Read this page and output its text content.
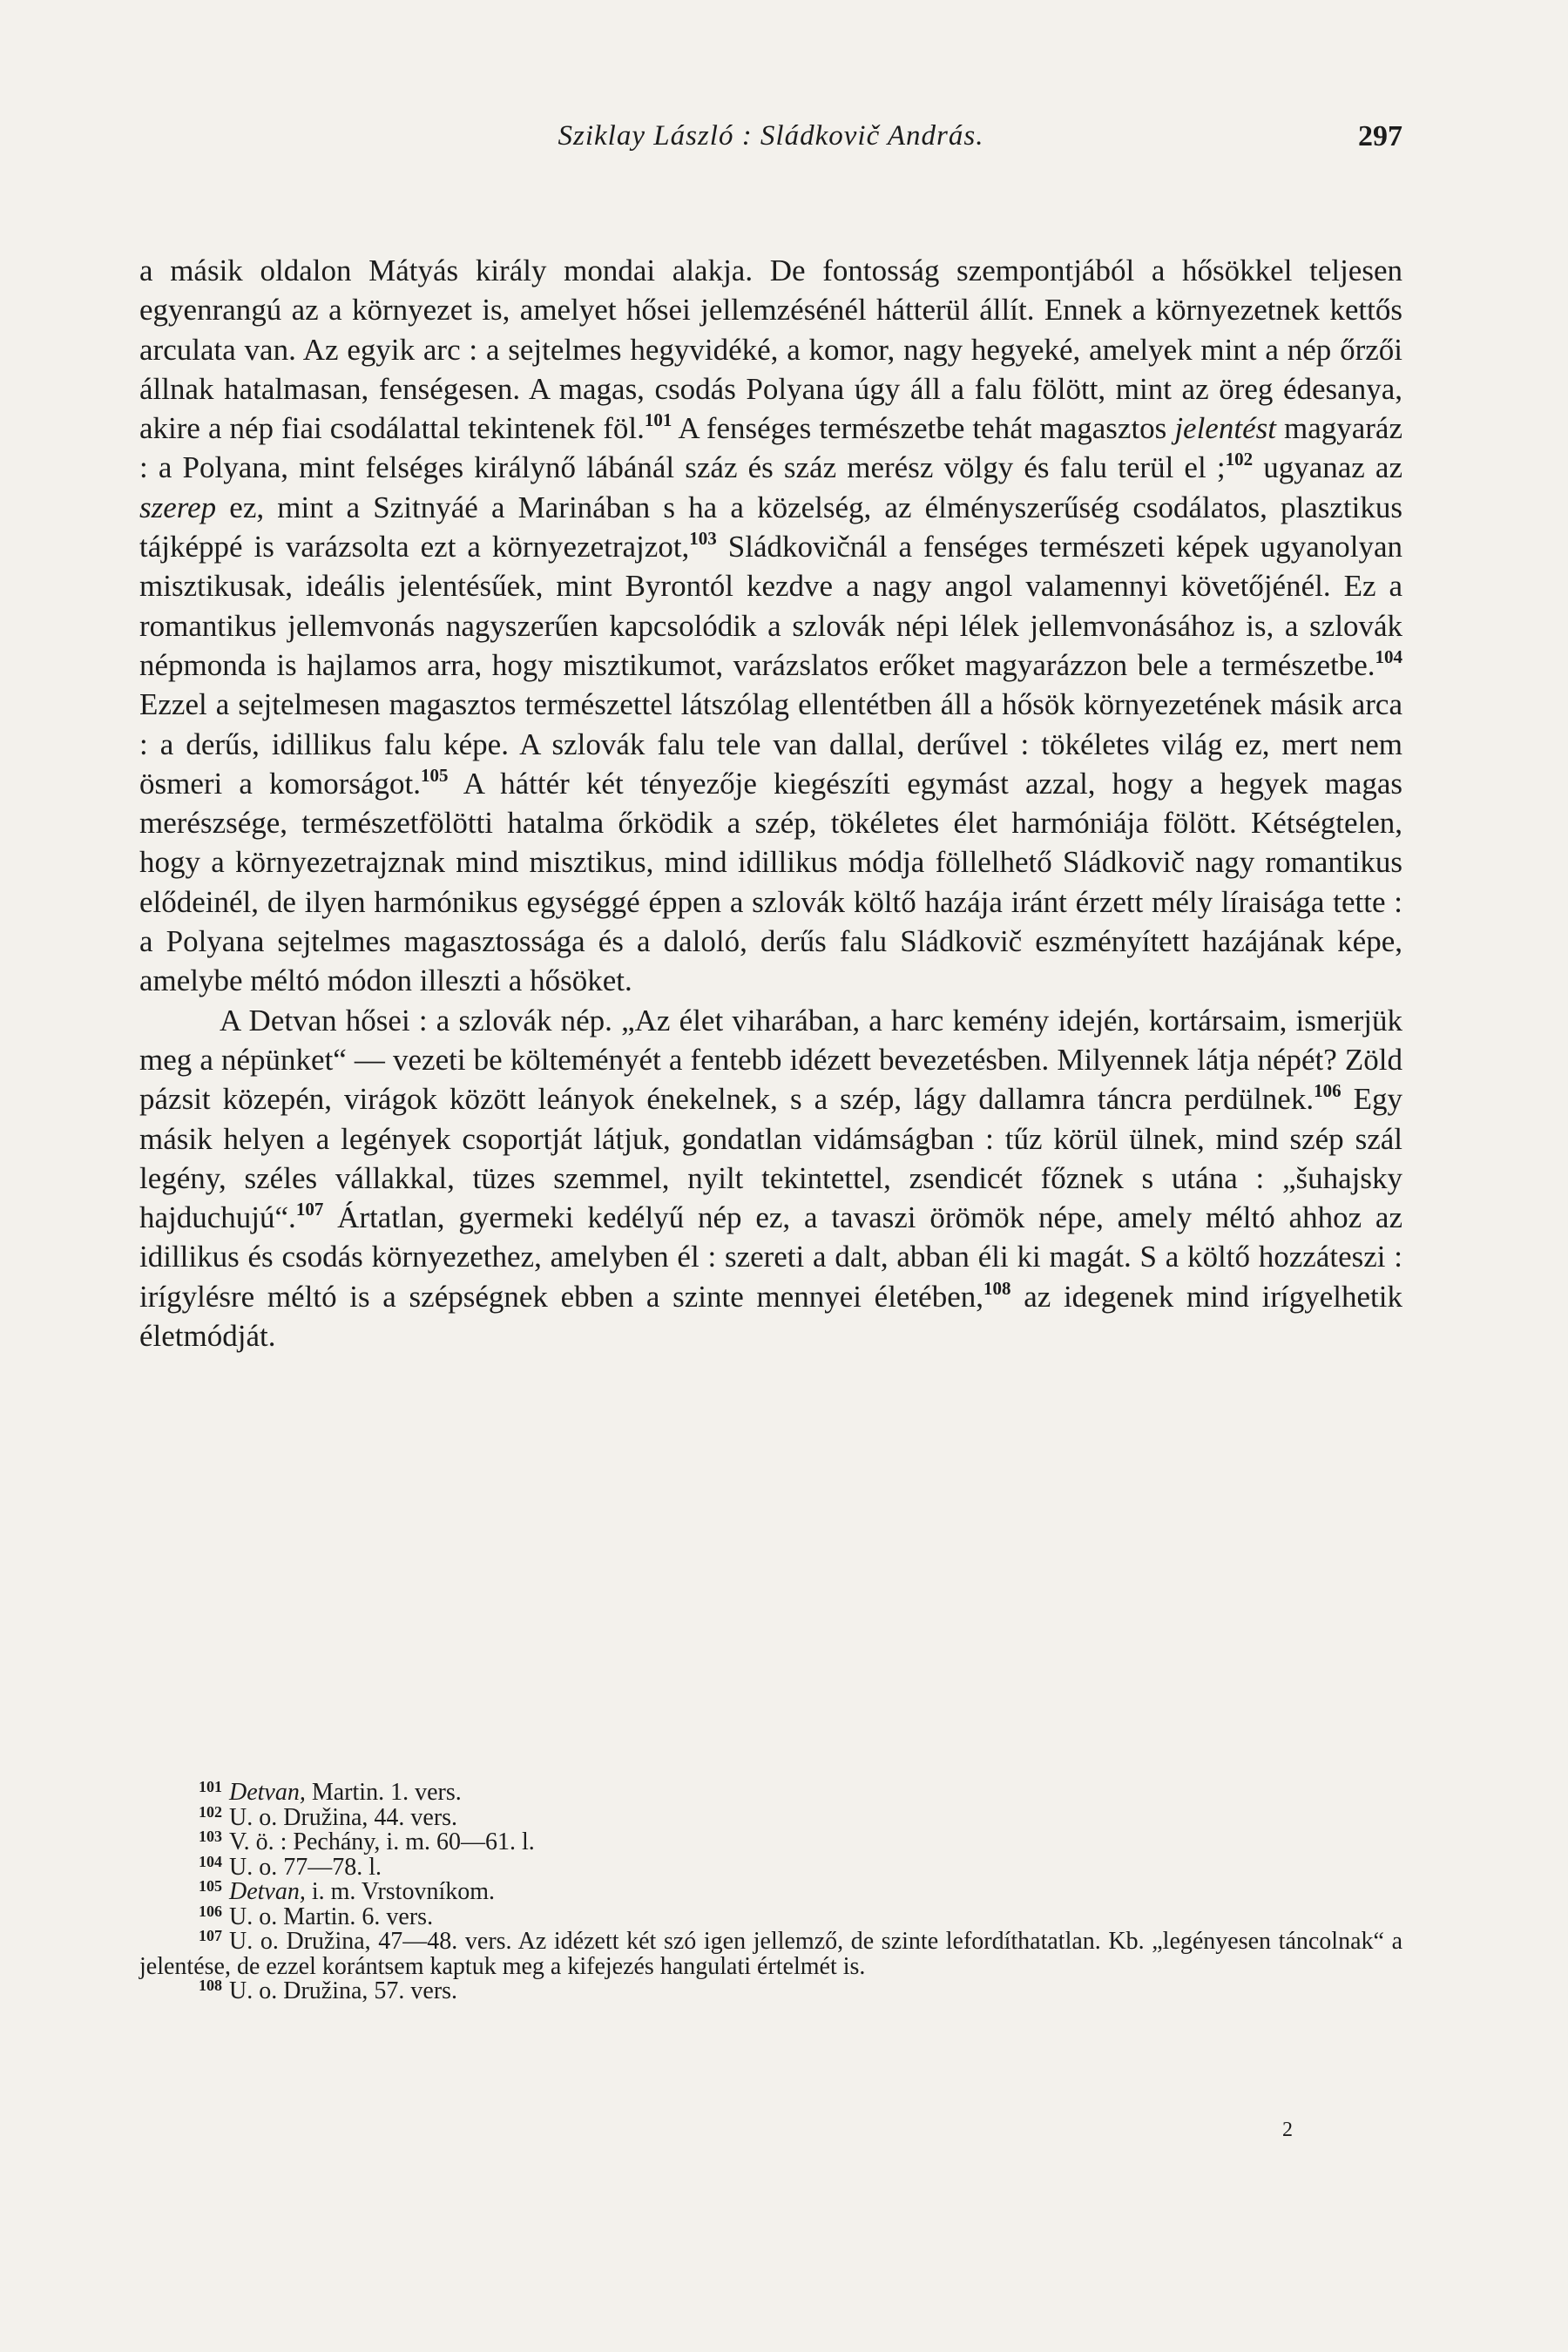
Sziklay László : Sládkovič András.	297

a másik oldalon Mátyás király mondai alakja. De fontosság szempontjából a hősökkel teljesen egyenrangú az a környezet is, amelyet hősei jellemzésénél hátterül állít. Ennek a környezetnek kettős arculata van. Az egyik arc : a sejtelmes hegyvidéké, a komor, nagy hegyeké, amelyek mint a nép őrzői állnak hatalmasan, fenségesen. A magas, csodás Polyana úgy áll a falu fölött, mint az öreg édesanya, akire a nép fiai csodálattal tekintenek föl.$^{101}$ A fenséges természetbe tehát magasztos jelentést magyaráz : a Polyana, mint felséges királynő lábánál száz és száz merész völgy és falu terül el ;$^{102}$ ugyanaz az szerep ez, mint a Szitnyáé a Marinában s ha a közelség, az élményszerűség csodálatos, plasztikus tájképpé is varázsolta ezt a környezetrajzot,$^{103}$ Sládkovičnál a fenséges természeti képek ugyanolyan misztikusak, ideális jelentésűek, mint Byrontól kezdve a nagy angol valamennyi követőjénél. Ez a romantikus jellemvonás nagyszerűen kapcsolódik a szlovák népi lélek jellemvonásához is, a szlovák népmonda is hajlamos arra, hogy misztikumot, varázslatos erőket magyarázzon bele a természetbe.$^{104}$ Ezzel a sejtelmesen magasztos természettel látszólag ellentétben áll a hősök környezetének másik arca : a derűs, idillikus falu képe. A szlovák falu tele van dallal, derűvel : tökéletes világ ez, mert nem ösmeri a komorságot.$^{105}$ A háttér két tényezője kiegészíti egymást azzal, hogy a hegyek magas merészsége, természetfölötti hatalma őrködik a szép, tökéletes élet harmóniája fölött. Kétségtelen, hogy a környezetrajznak mind misztikus, mind idillikus módja föllelhető Sládkovič nagy romantikus elődeinél, de ilyen harmónikus egységgé éppen a szlovák költő hazája iránt érzett mély líraisága tette : a Polyana sejtelmes magasztossága és a daloló, derűs falu Sládkovič eszményített hazájának képe, amelybe méltó módon illeszti a hősöket.

A Detvan hősei : a szlovák nép. „Az élet viharában, a harc kemény idején, kortársaim, ismerjük meg a népünket“ — vezeti be költeményét a fentebb idézett bevezetésben. Milyennek látja népét? Zöld pázsit közepén, virágok között leányok énekelnek, s a szép, lágy dallamra táncra perdülnek.$^{106}$ Egy másik helyen a legények csoportját látjuk, gondatlan vidámságban : tűz körül ülnek, mind szép szál legény, széles vállakkal, tüzes szemmel, nyilt tekintettel, zsendicét főznek s utána : „šuhajsky hajduchujú“.$^{107}$ Ártatlan, gyermeki kedélyű nép ez, a tavaszi örömök népe, amely méltó ahhoz az idillikus és csodás környezethez, amelyben él : szereti a dalt, abban éli ki magát. S a költő hozzáteszi : irígylésre méltó is a szépségnek ebben a szinte mennyei életében,$^{108}$ az idegenek mind irígyelhetik életmódját.

101 Detvan, Martin. 1. vers.
102 U. o. Družina, 44. vers.
103 V. ö. : Pechány, i. m. 60—61. l.
104 U. o. 77—78. l.
105 Detvan, i. m. Vrstovníkom.
106 U. o. Martin. 6. vers.
107 U. o. Družina, 47—48. vers. Az idézett két szó igen jellemző, de szinte lefordíthatatlan. Kb. „legényesen táncolnak“ a jelentése, de ezzel korántsem kaptuk meg a kifejezés hangulati értelmét is.
108 U. o. Družina, 57. vers.
2
